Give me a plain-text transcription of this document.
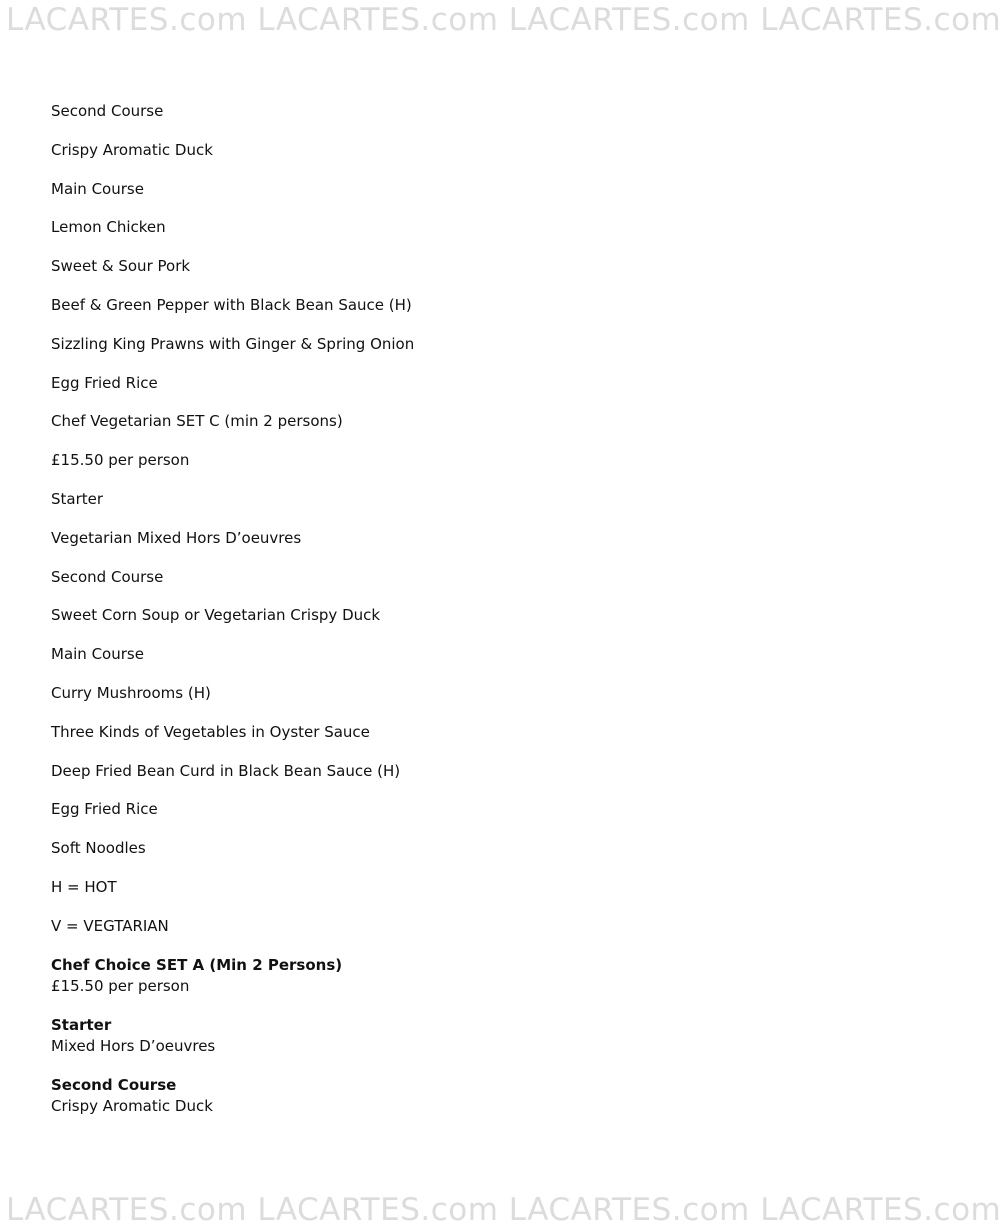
LACARTES.com LACARTES.com LACARTES.com LACARTES.com
Second Course
Crispy Aromatic Duck
Main Course
Lemon Chicken
Sweet & Sour Pork
Beef & Green Pepper with Black Bean Sauce (H)
Sizzling King Prawns with Ginger & Spring Onion
Egg Fried Rice
Chef Vegetarian SET C (min 2 persons)
£15.50 per person
Starter
Vegetarian Mixed Hors D’oeuvres
Second Course
Sweet Corn Soup or Vegetarian Crispy Duck
Main Course
Curry Mushrooms (H)
Three Kinds of Vegetables in Oyster Sauce
Deep Fried Bean Curd in Black Bean Sauce (H)
Egg Fried Rice
Soft Noodles
H = HOT
V = VEGTARIAN
Chef Choice SET A (Min 2 Persons)
£15.50 per person
Starter
Mixed Hors D’oeuvres
Second Course
Crispy Aromatic Duck
LACARTES.com LACARTES.com LACARTES.com LACARTES.com
